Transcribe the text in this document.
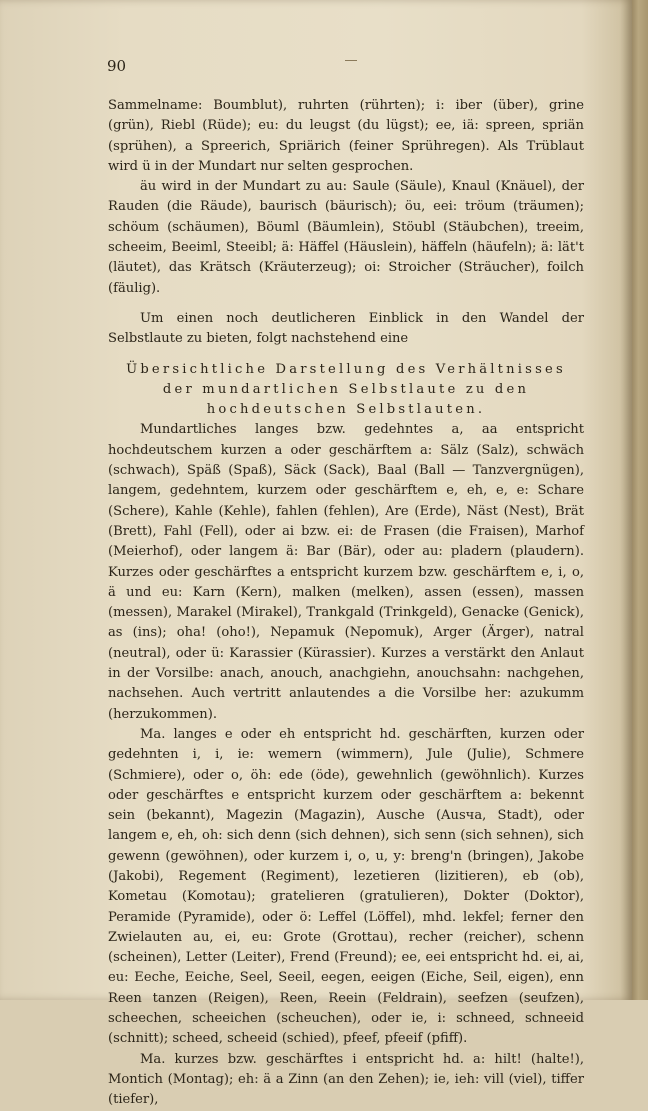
90

Sammelname: Boumblut), ruhrten (rührten); i: iber (über), grine (grün), Riebl (Rüde); eu: du leugst (du lügst); ee, iä: spreen, spriän (sprühen), a Spreerich, Spriärich (feiner Sprühregen). Als Trüblaut wird ü in der Mundart nur selten gesprochen.

äu wird in der Mundart zu au: Saule (Säule), Knaul (Knäuel), der Rauden (die Räude), baurisch (bäurisch); öu, eei: tröum (träumen); schöum (schäumen), Böuml (Bäumlein), Stöubl (Stäubchen), treeim, scheeim, Beeiml, Steeibl; ä: Häffel (Häuslein), häffeln (häufeln); ä: lät't (läutet), das Krätsch (Kräuterzeug); oi: Stroicher (Sträucher), foilch (fäulig).

Um einen noch deutlicheren Einblick in den Wandel der Selbstlaute zu bieten, folgt nachstehend eine

Übersichtliche Darstellung des Verhältnisses der mundartlichen Selbstlaute zu den hochdeutschen Selbstlauten.

Mundartliches langes bzw. gedehntes a, aa entspricht hochdeutschem kurzen a oder geschärftem a: Sälz (Salz), schwäch (schwach), Späß (Spaß), Säck (Sack), Baal (Ball — Tanzvergnügen), langem, gedehntem, kurzem oder geschärftem e, eh, e, e: Schare (Schere), Kahle (Kehle), fahlen (fehlen), Are (Erde), Näst (Nest), Brät (Brett), Fahl (Fell), oder ai bzw. ei: de Frasen (die Fraisen), Marhof (Meierhof), oder langem ä: Bar (Bär), oder au: pladern (plaudern). Kurzes oder geschärftes a entspricht kurzem bzw. geschärftem e, i, o, ä und eu: Karn (Kern), malken (melken), assen (essen), massen (messen), Marakel (Mirakel), Trankgald (Trinkgeld), Genacke (Genick), as (ins); oha! (oho!), Nepamuk (Nepomuk), Arger (Ärger), natral (neutral), oder ü: Karassier (Kürassier). Kurzes a verstärkt den Anlaut in der Vorsilbe: anach, anouch, anachgiehn, anouchsahn: nachgehen, nachsehen. Auch vertritt anlautendes a die Vorsilbe her: azukumm (herzukommen).

Ma. langes e oder eh entspricht hd. geschärften, kurzen oder gedehnten i, i, ie: wemern (wimmern), Jule (Julie), Schmere (Schmiere), oder o, öh: ede (öde), gewehnlich (gewöhnlich). Kurzes oder geschärftes e entspricht kurzem oder geschärftem a: bekennt sein (bekannt), Magezin (Magazin), Ausche (Ausча, Stadt), oder langem e, eh, oh: sich denn (sich dehnen), sich senn (sich sehnen), sich gewenn (gewöhnen), oder kurzem i, o, u, y: breng'n (bringen), Jakobe (Jakobi), Regement (Regiment), lezetieren (lizitieren), eb (ob), Kometau (Komotau); gratelieren (gratulieren), Dokter (Doktor), Peramide (Pyramide), oder ö: Leffel (Löffel), mhd. lekfel; ferner den Zwielauten au, ei, eu: Grote (Grottau), recher (reicher), schenn (scheinen), Letter (Leiter), Frend (Freund); ee, eei entspricht hd. ei, ai, eu: Eeche, Eeiche, Seel, Seeil, eegen, eeigen (Eiche, Seil, eigen), enn Reen tanzen (Reigen), Reen, Reein (Feldrain), seefzen (seufzen), scheechen, scheeichen (scheuchen), oder ie, i: schneed, schneeid (schnitt); scheed, scheeid (schied), pfeef, pfeeif (pfiff).

Ma. kurzes bzw. geschärftes i entspricht hd. a: hilt! (halte!), Montich (Montag); eh: ä a Zinn (an den Zehen); ie, ieh: vill (viel), tiffer (tiefer),
